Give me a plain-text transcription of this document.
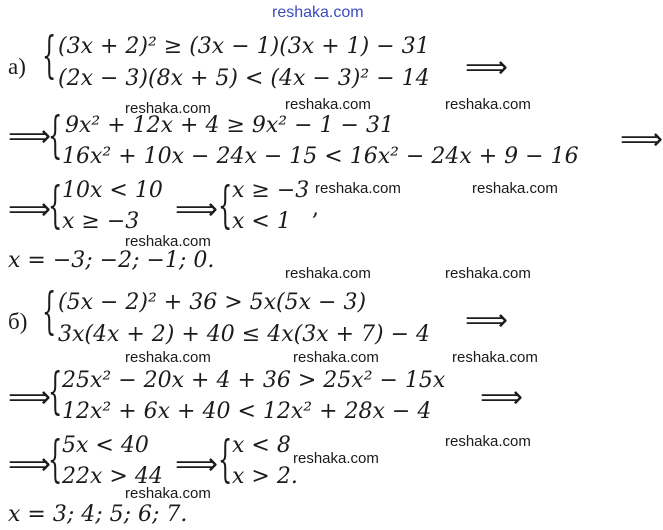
reshaka.com
reshaka.com	reshaka.com	reshaka.com
reshaka.com	reshaka.com
reshaka.com
reshaka.com	reshaka.com
reshaka.com	reshaka.com	reshaka.com
reshaka.com
reshaka.com
reshaka.com
а) { (3x + 2)² ≥ (3x − 1)(3x + 1) − 31
(2x − 3)(8x + 5) < (4x − 3)² − 14 ⟹
⟹
{ 9x² + 12x + 4 ≥ 9x² − 1 − 31
16x² + 10x − 24x − 15 < 16x² − 24x + 9 − 16 ⟹
⟹
{ 10x < 10
x ≥ −3 ⟹ { x ≥ −3
x < 1
,
x = −3; −2; −1; 0.
б) { (5x − 2)² + 36 > 5x(5x − 3)
3x(4x + 2) + 40 ≤ 4x(3x + 7) − 4 ⟹
⟹
{ 25x² − 20x + 4 + 36 > 25x² − 15x
12x² + 6x + 40 < 12x² + 28x − 4 ⟹
⟹
{ 5x < 40
22x > 44 ⟹ { x < 8
x > 2.
x = 3; 4; 5; 6; 7.
